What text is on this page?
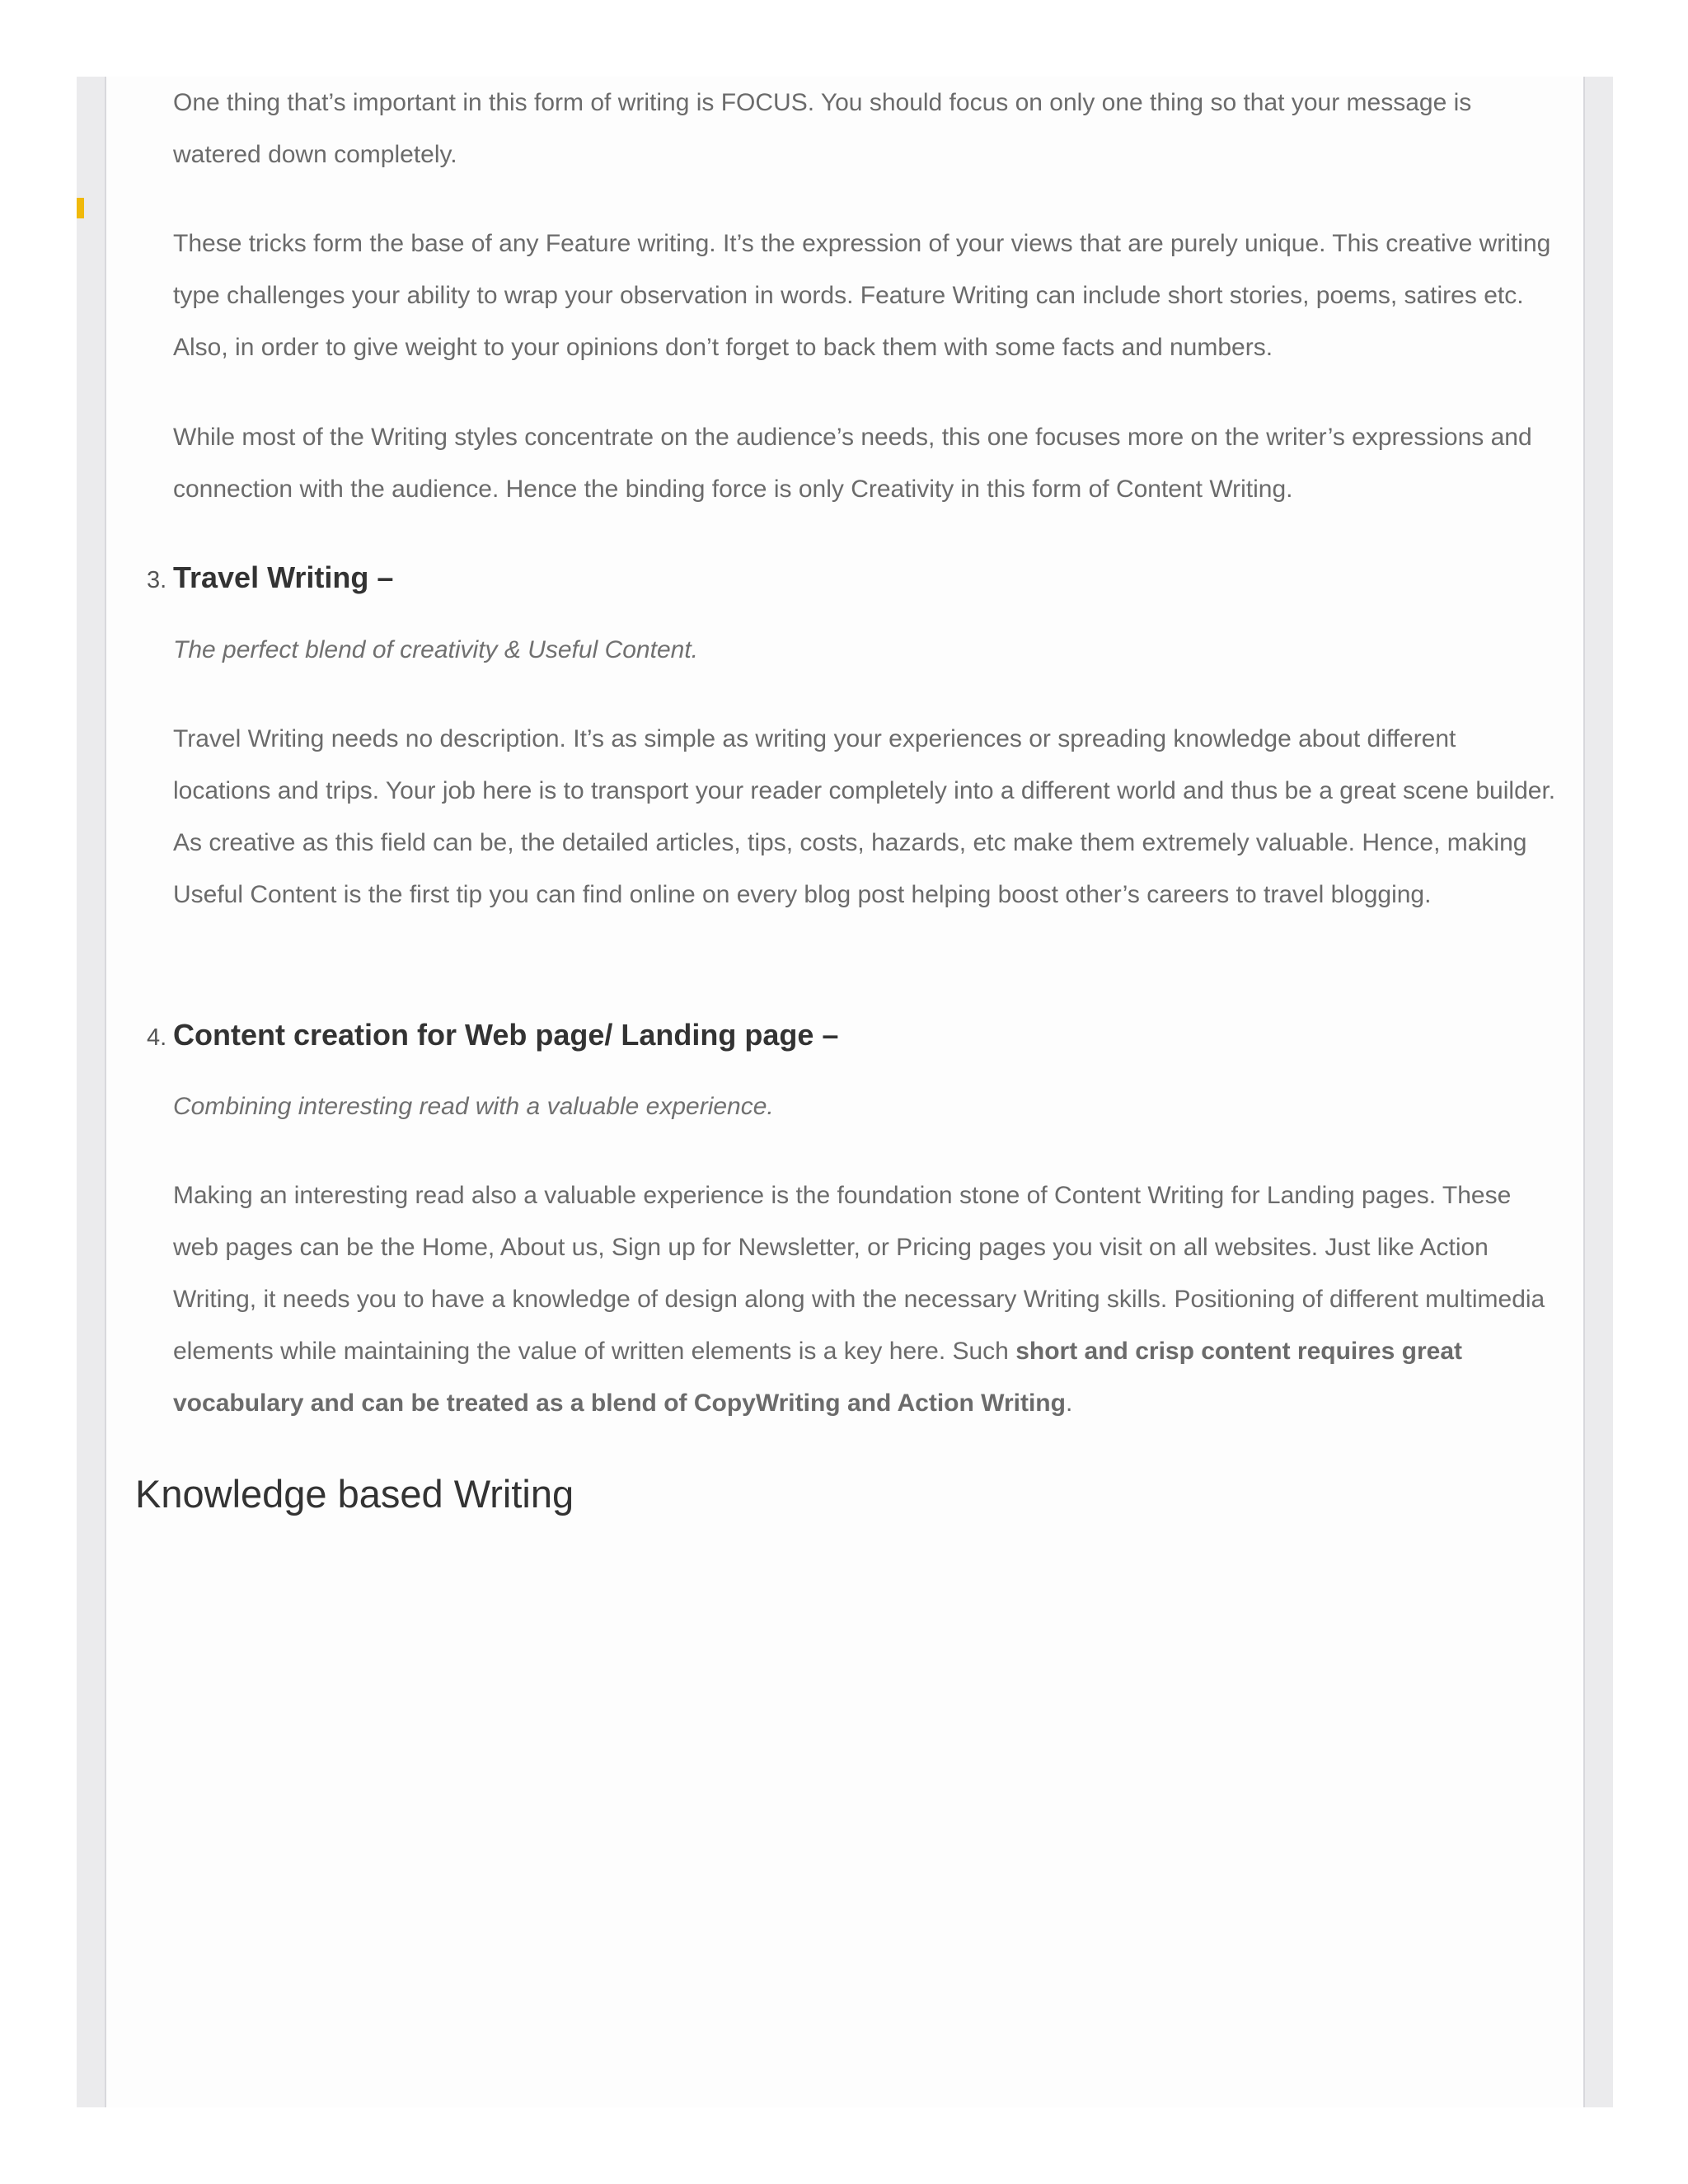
One thing that’s important in this form of writing is FOCUS. You should focus on only one thing so that your message is watered down completely.

These tricks form the base of any Feature writing. It’s the expression of your views that are purely unique. This creative writing type challenges your ability to wrap your observation in words. Feature Writing can include short stories, poems, satires etc. Also, in order to give weight to your opinions don’t forget to back them with some facts and numbers.

While most of the Writing styles concentrate on the audience’s needs, this one focuses more on the writer’s expressions and connection with the audience. Hence the binding force is only Creativity in this form of Content Writing.

3. Travel Writing –

The perfect blend of creativity & Useful Content.

Travel Writing needs no description. It’s as simple as writing your experiences or spreading knowledge about different locations and trips. Your job here is to transport your reader completely into a different world and thus be a great scene builder. As creative as this field can be, the detailed articles, tips, costs, hazards, etc make them extremely valuable. Hence, making Useful Content is the first tip you can find online on every blog post helping boost other’s careers to travel blogging.

4. Content creation for Web page/ Landing page –

Combining interesting read with a valuable experience.

Making an interesting read also a valuable experience is the foundation stone of Content Writing for Landing pages. These web pages can be the Home, About us, Sign up for Newsletter, or Pricing pages you visit on all websites. Just like Action Writing, it needs you to have a knowledge of design along with the necessary Writing skills. Positioning of different multimedia elements while maintaining the value of written elements is a key here. Such short and crisp content requires great vocabulary and can be treated as a blend of CopyWriting and Action Writing.

Knowledge based Writing
